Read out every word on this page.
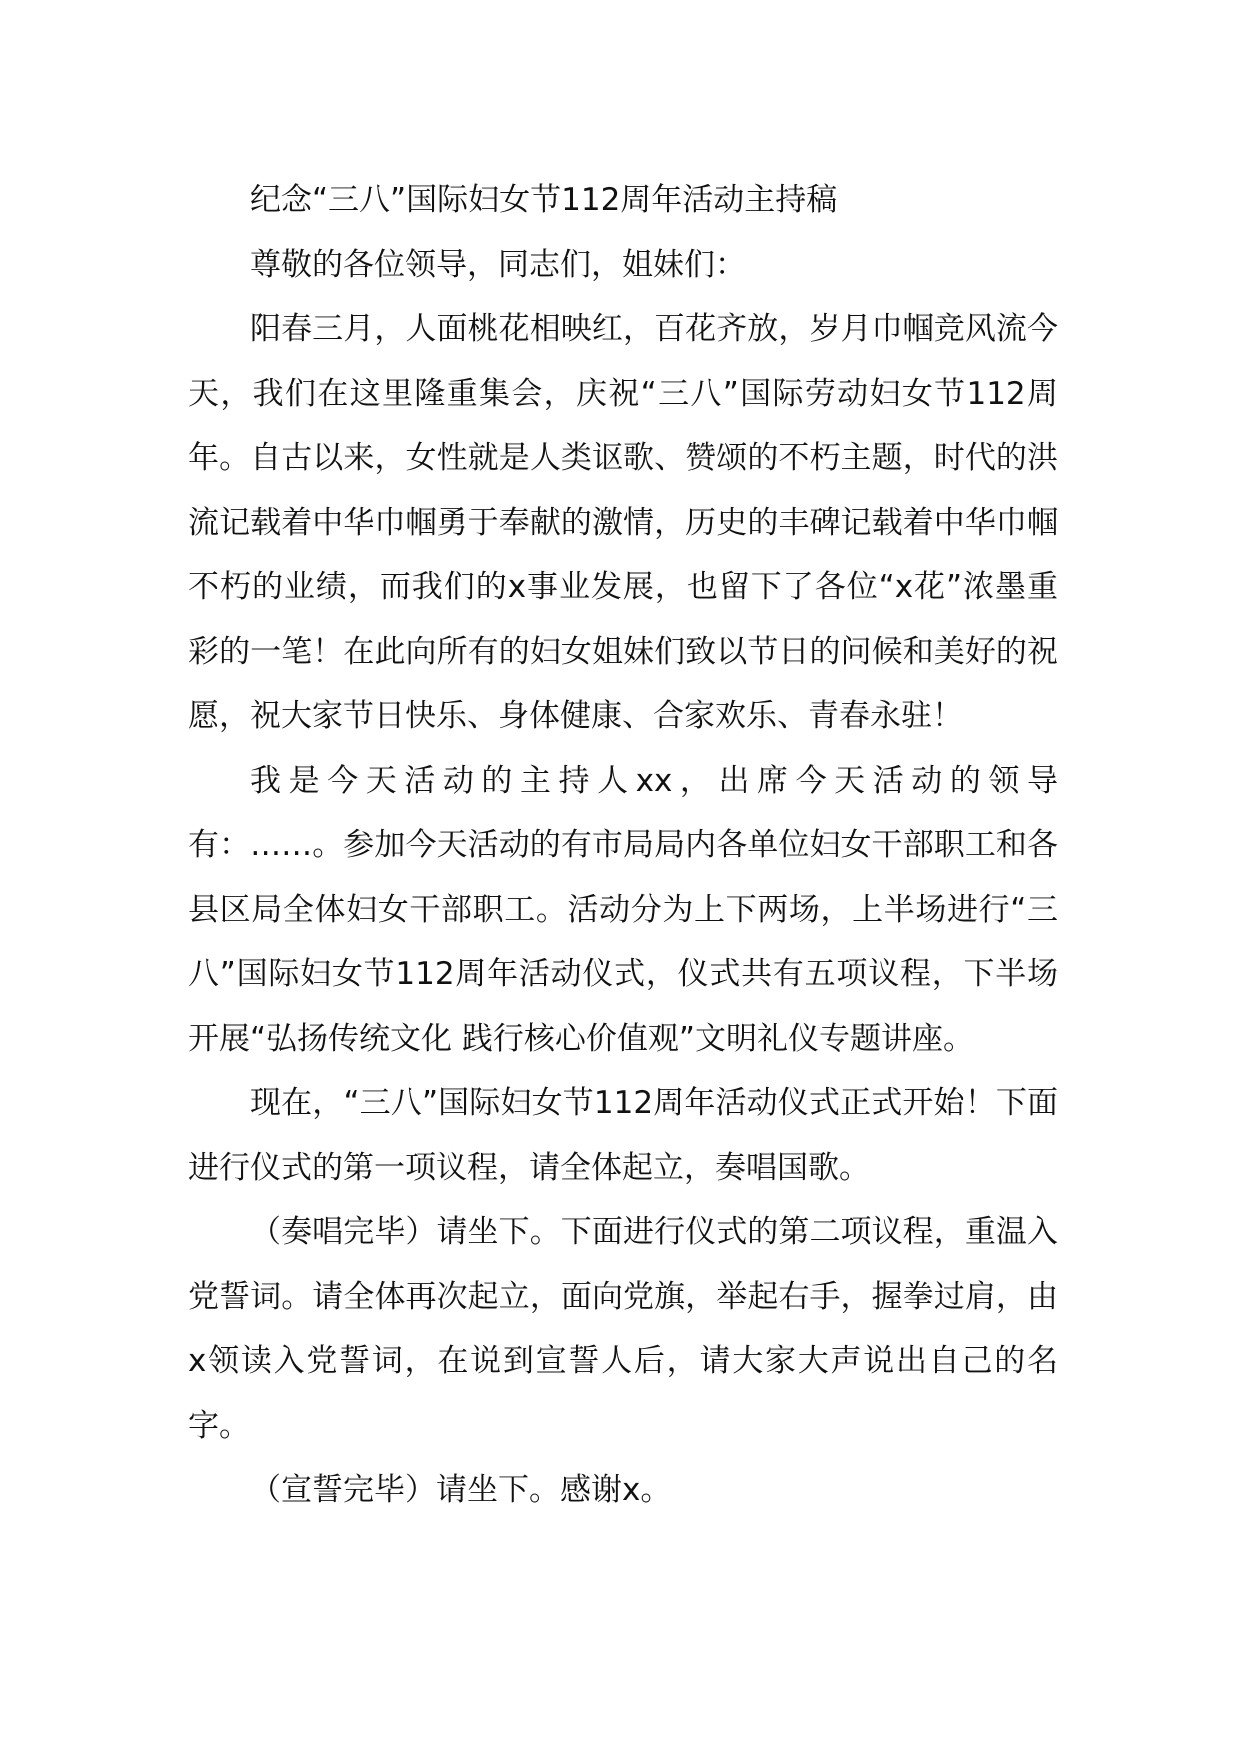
纪念“三八”国际妇女节112周年活动主持稿

尊敬的各位领导，同志们，姐妹们：

阳春三月，人面桃花相映红，百花齐放，岁月巾帼竞风流今天，我们在这里隆重集会，庆祝“三八”国际劳动妇女节112周年。自古以来，女性就是人类讴歌、赞颂的不朽主题，时代的洪流记载着中华巾帼勇于奉献的激情，历史的丰碑记载着中华巾帼不朽的业绩，而我们的x事业发展，也留下了各位“x花”浓墨重彩的一笔！在此向所有的妇女姐妹们致以节日的问候和美好的祝愿，祝大家节日快乐、身体健康、合家欢乐、青春永驻！

我是今天活动的主持人xx，出席今天活动的领导有：……。参加今天活动的有市局局内各单位妇女干部职工和各县区局全体妇女干部职工。活动分为上下两场，上半场进行“三八”国际妇女节112周年活动仪式，仪式共有五项议程，下半场开展“弘扬传统文化 践行核心价值观”文明礼仪专题讲座。

现在，“三八”国际妇女节112周年活动仪式正式开始！下面进行仪式的第一项议程，请全体起立，奏唱国歌。

（奏唱完毕）请坐下。下面进行仪式的第二项议程，重温入党誓词。请全体再次起立，面向党旗，举起右手，握拳过肩，由x领读入党誓词，在说到宣誓人后，请大家大声说出自己的名字。

（宣誓完毕）请坐下。感谢x。
